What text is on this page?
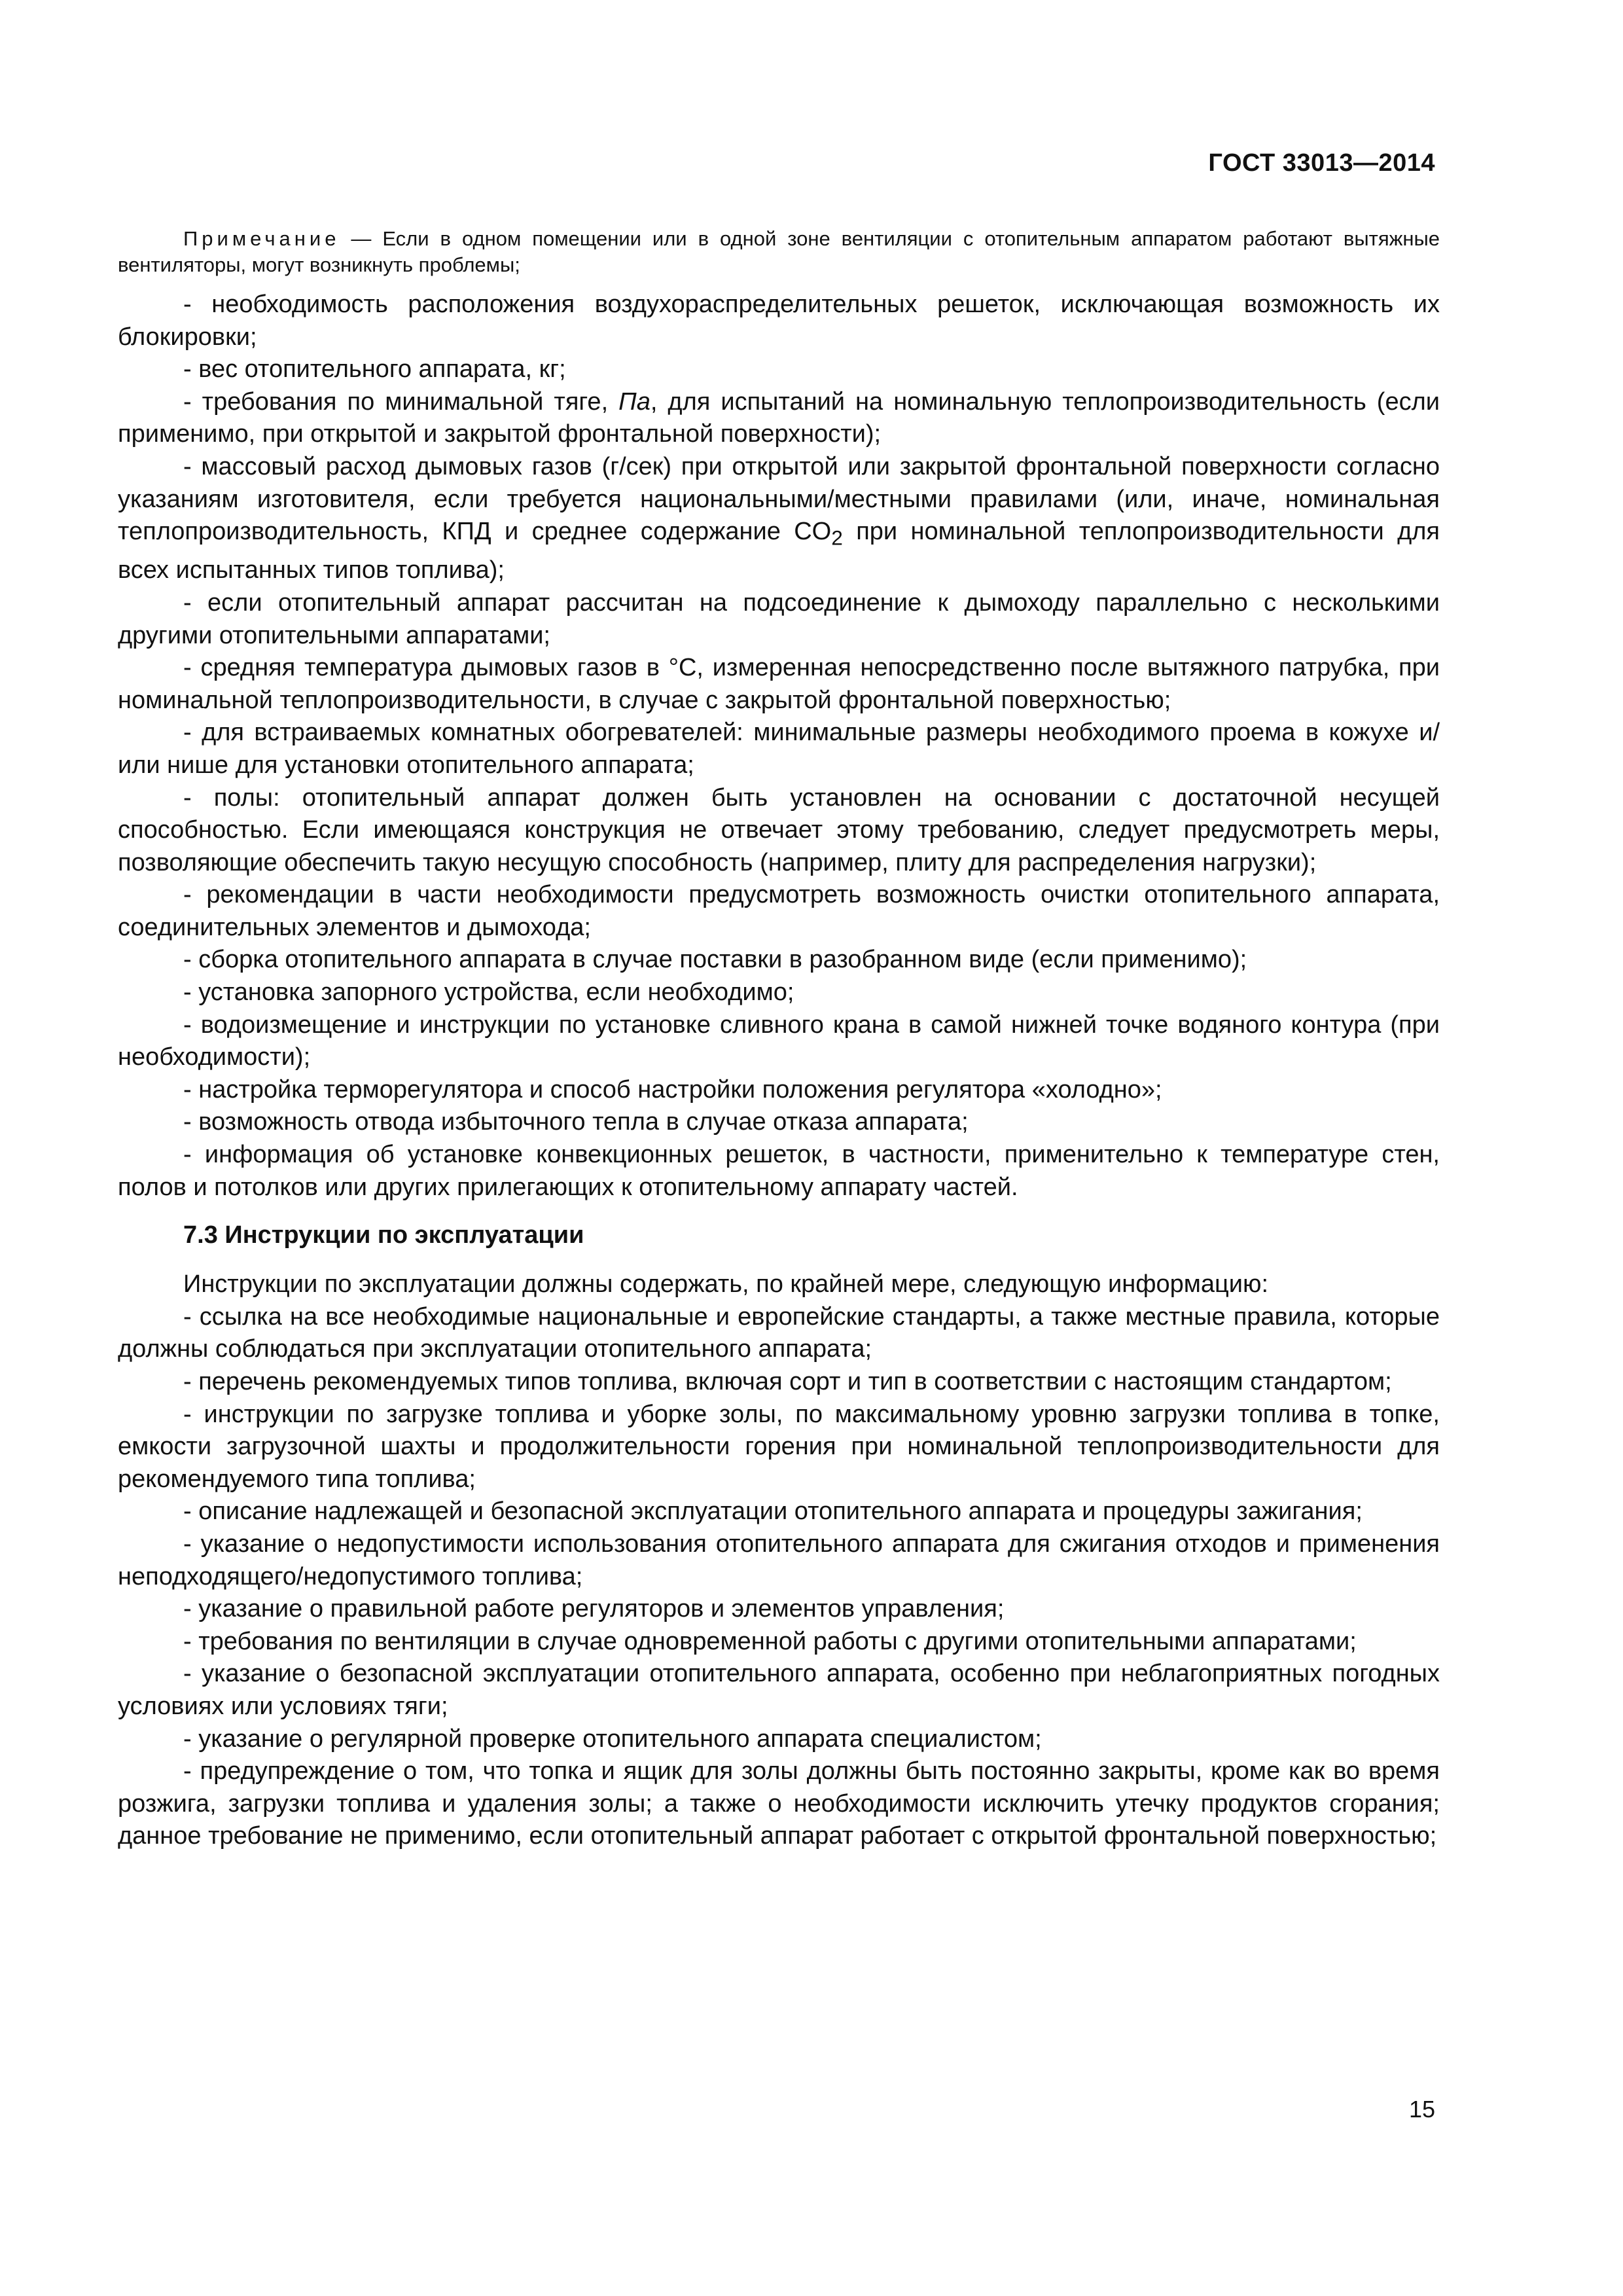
ГОСТ 33013—2014

Примечание — Если в одном помещении или в одной зоне вентиляции с отопительным аппаратом работают вытяжные вентиляторы, могут возникнуть проблемы;

- необходимость расположения воздухораспределительных решеток, исключающая возможность их блокировки;

- вес отопительного аппарата, кг;

- требования по минимальной тяге, Па, для испытаний на номинальную теплопроизводительность (если применимо, при открытой и закрытой фронтальной поверхности);

- массовый расход дымовых газов (г/сек) при открытой или закрытой фронтальной поверхности согласно указаниям изготовителя, если требуется национальными/местными правилами (или, иначе, номинальная теплопроизводительность, КПД и среднее содержание $CO_2$ при номинальной теплопроизводительности для всех испытанных типов топлива);

- если отопительный аппарат рассчитан на подсоединение к дымоходу параллельно с несколькими другими отопительными аппаратами;

- средняя температура дымовых газов в °С, измеренная непосредственно после вытяжного патрубка, при номинальной теплопроизводительности, в случае с закрытой фронтальной поверхностью;

- для встраиваемых комнатных обогревателей: минимальные размеры необходимого проема в кожухе и/или нише для установки отопительного аппарата;

- полы: отопительный аппарат должен быть установлен на основании с достаточной несущей способностью. Если имеющаяся конструкция не отвечает этому требованию, следует предусмотреть меры, позволяющие обеспечить такую несущую способность (например, плиту для распределения нагрузки);

- рекомендации в части необходимости предусмотреть возможность очистки отопительного аппарата, соединительных элементов и дымохода;

- сборка отопительного аппарата в случае поставки в разобранном виде (если применимо);

- установка запорного устройства, если необходимо;

- водоизмещение и инструкции по установке сливного крана в самой нижней точке водяного контура (при необходимости);

- настройка терморегулятора и способ настройки положения регулятора «холодно»;

- возможность отвода избыточного тепла в случае отказа аппарата;

- информация об установке конвекционных решеток, в частности, применительно к температуре стен, полов и потолков или других прилегающих к отопительному аппарату частей.

7.3 Инструкции по эксплуатации

Инструкции по эксплуатации должны содержать, по крайней мере, следующую информацию:

- ссылка на все необходимые национальные и европейские стандарты, а также местные правила, которые должны соблюдаться при эксплуатации отопительного аппарата;

- перечень рекомендуемых типов топлива, включая сорт и тип в соответствии с настоящим стандартом;

- инструкции по загрузке топлива и уборке золы, по максимальному уровню загрузки топлива в топке, емкости загрузочной шахты и продолжительности горения при номинальной теплопроизводительности для рекомендуемого типа топлива;

- описание надлежащей и безопасной эксплуатации отопительного аппарата и процедуры зажигания;

- указание о недопустимости использования отопительного аппарата для сжигания отходов и применения неподходящего/недопустимого топлива;

- указание о правильной работе регуляторов и элементов управления;

- требования по вентиляции в случае одновременной работы с другими отопительными аппаратами;

- указание о безопасной эксплуатации отопительного аппарата, особенно при неблагоприятных погодных условиях или условиях тяги;

- указание о регулярной проверке отопительного аппарата специалистом;

- предупреждение о том, что топка и ящик для золы должны быть постоянно закрыты, кроме как во время розжига, загрузки топлива и удаления золы; а также о необходимости исключить утечку продуктов сгорания; данное требование не применимо, если отопительный аппарат работает с открытой фронтальной поверхностью;

15
